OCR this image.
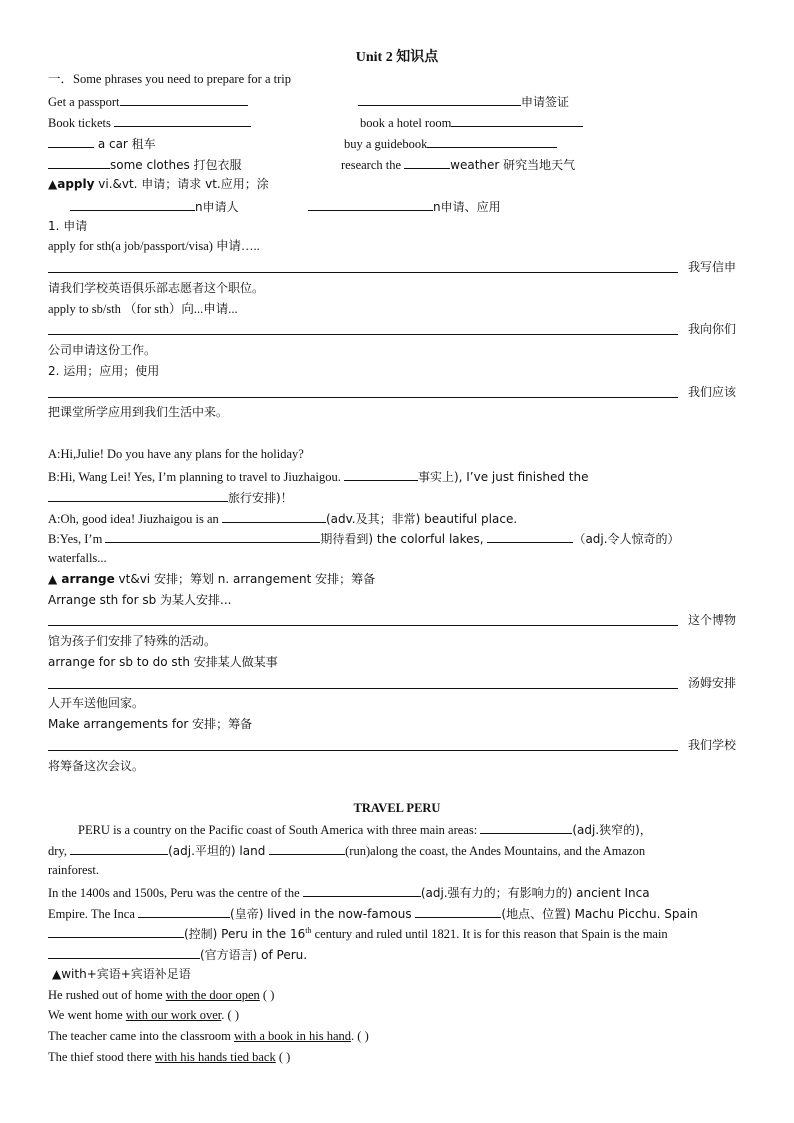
Unit 2 知识点
一．Some phrases you need to prepare for a trip
Get a passport	申请签证
Book tickets	book a hotel room
a car 租车	buy a guidebook
some clothes 打包衣服	research the	weather 研究当地天气
▲apply vi.&vt. 申请；请求 vt.应用；涂
n申请人	n申请、应用
1. 申请
apply for sth(a job/passport/visa) 申请…..
我写信申
请我们学校英语俱乐部志愿者这个职位。
apply to sb/sth （for sth）向...申请...
我向你们
公司申请这份工作。
2. 运用；应用；使用
我们应该
把课堂所学应用到我们生活中来。
A:Hi,Julie! Do you have any plans for the holiday?
B:Hi, Wang Lei! Yes, I’m planning to travel to Jiuzhaigou.	事实上), I’ve just finished the
旅行安排)！
A:Oh, good idea! Jiuzhaigou is an	(adv.及其；非常) beautiful place.
B:Yes, I’m	期待看到) the colorful lakes,	（adj.令人惊奇的）
waterfalls...
▲ arrange vt&vi 安排；筹划 n. arrangement 安排；筹备
Arrange sth for sb 为某人安排...
这个博物
馆为孩子们安排了特殊的活动。
arrange for sb to do sth 安排某人做某事
汤姆安排
人开车送他回家。
Make arrangements for 安排；筹备
我们学校
将筹备这次会议。
TRAVEL PERU
PERU is a country on the Pacific coast of South America with three main areas:	(adj.狭窄的)，
dry,	(adj.平坦的) land	(run)along the coast, the Andes Mountains, and the Amazon
rainforest.
In the 1400s and 1500s, Peru was the centre of the	(adj.强有力的；有影响力的) ancient Inca
Empire. The Inca	(皇帝) lived in the now-famous	(地点、位置) Machu Picchu. Spain
(控制) Peru in the 16th century and ruled until 1821. It is for this reason that Spain is the main
(官方语言) of Peru.
▲with+宾语+宾语补足语
He rushed out of home with the door open ( )
We went home with our work over. ( )
The teacher came into the classroom with a book in his hand. ( )
The thief stood there with his hands tied back ( )
